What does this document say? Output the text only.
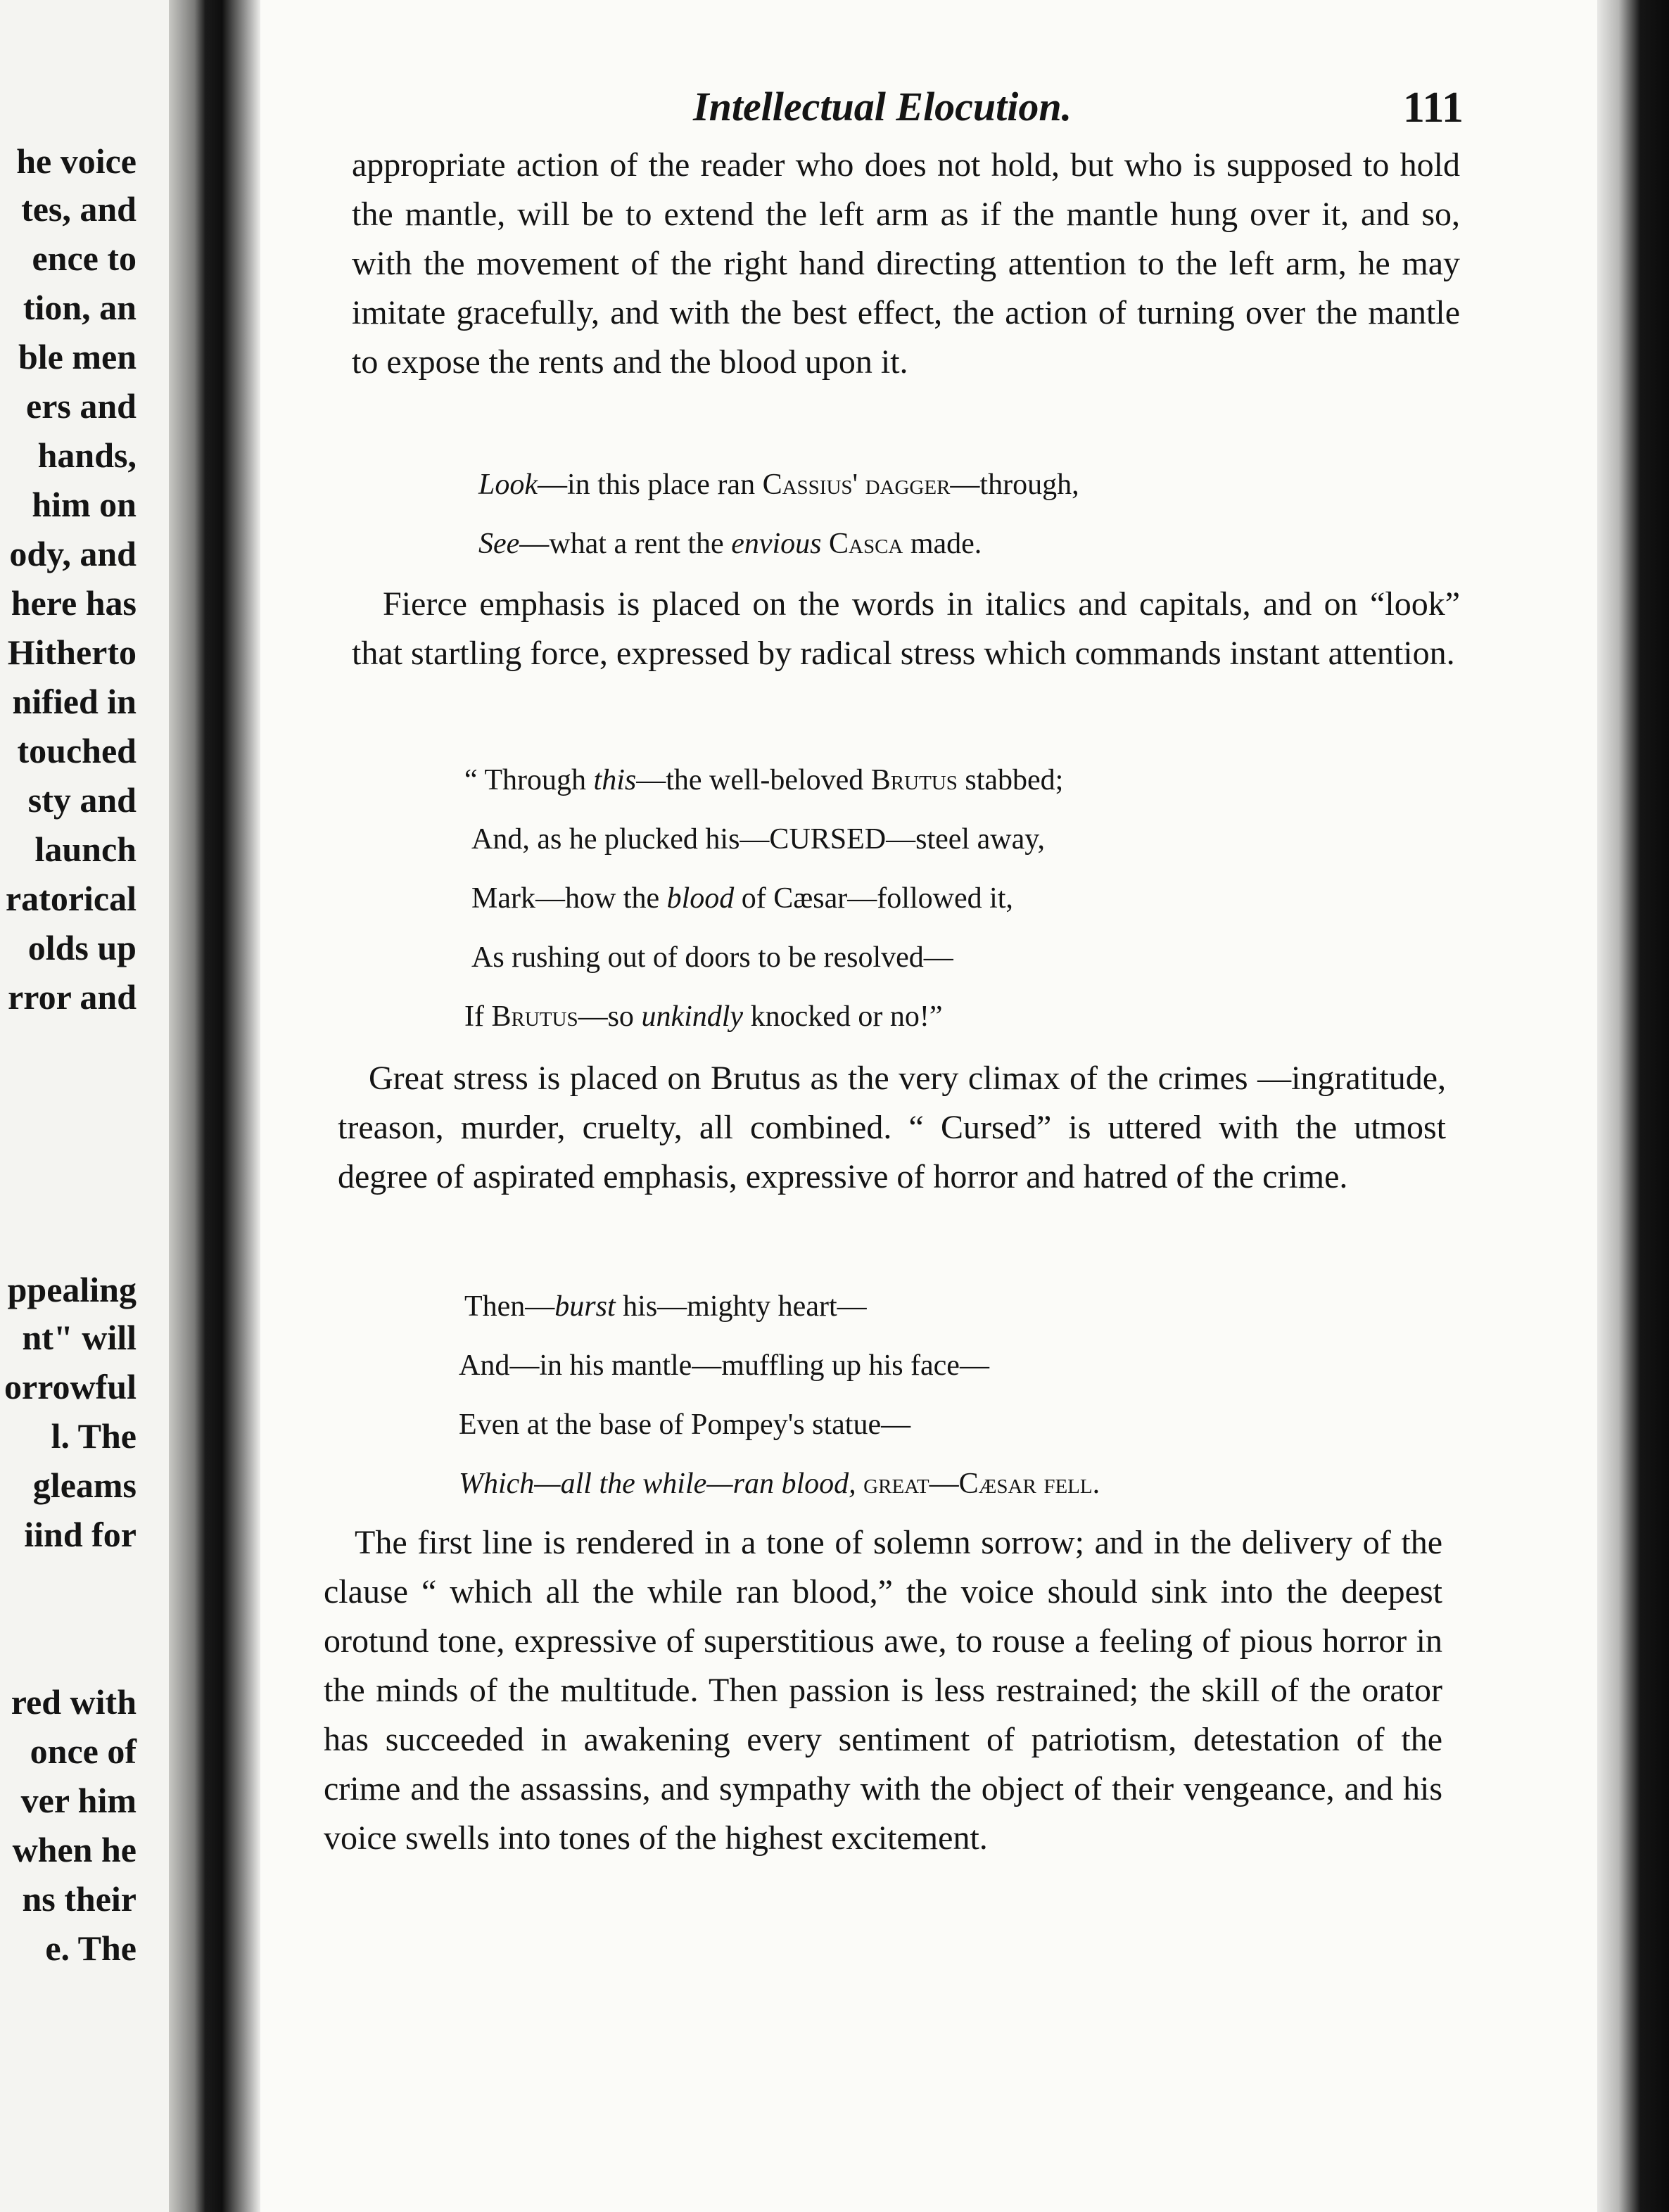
he voice
tes, and
ence to
tion, an
ble men
ers and
hands,
him on
ody, and
here has
Hitherto
nified in
touched
sty and
launch
ratorical
olds up
rror and
ppealing
nt" will
orrowful
l. The
gleams
iind for
red with
once of
ver him
when he
ns their
e. The
Intellectual Elocution.	111
appropriate action of the reader who does not hold, but who is supposed to hold the mantle, will be to extend the left arm as if the mantle hung over it, and so, with the movement of the right hand directing attention to the left arm, he may imitate gracefully, and with the best effect, the action of turning over the mantle to expose the rents and the blood upon it.
Look—in this place ran Cassius' dagger—through,
See—what a rent the envious Casca made.
Fierce emphasis is placed on the words in italics and capitals, and on “look” that startling force, expressed by radical stress which commands instant attention.
“ Through this—the well-beloved Brutus stabbed;
And, as he plucked his—CURSED—steel away,
Mark—how the blood of Cæsar—followed it,
As rushing out of doors to be resolved—
If Brutus—so unkindly knocked or no!”
Great stress is placed on Brutus as the very climax of the crimes —ingratitude, treason, murder, cruelty, all combined. “ Cursed” is uttered with the utmost degree of aspirated emphasis, expressive of horror and hatred of the crime.
Then—burst his—mighty heart—
And—in his mantle—muffling up his face—
Even at the base of Pompey's statue—
Which—all the while—ran blood, great—Cæsar fell.
The first line is rendered in a tone of solemn sorrow; and in the delivery of the clause “ which all the while ran blood,” the voice should sink into the deepest orotund tone, expressive of superstitious awe, to rouse a feeling of pious horror in the minds of the multitude. Then passion is less restrained; the skill of the orator has succeeded in awakening every sentiment of patriotism, detestation of the crime and the assassins, and sympathy with the object of their vengeance, and his voice swells into tones of the highest excitement.
